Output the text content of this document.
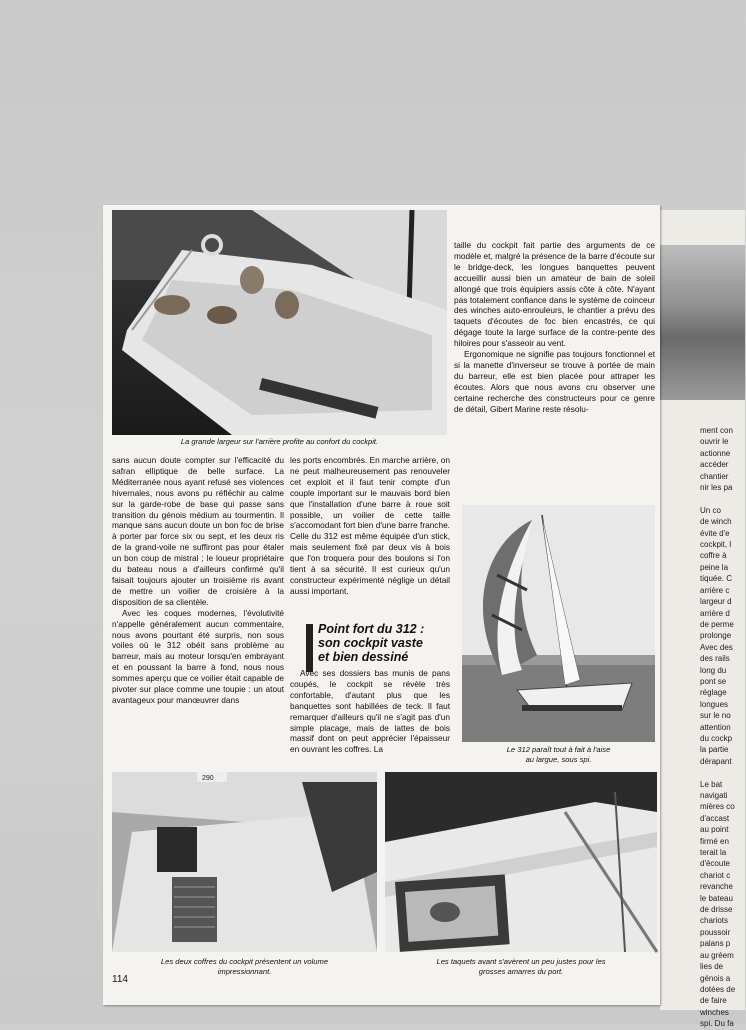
ment con
ouvrir le
actionne
accéder
chantier
nir les pa

Un co
de winch
évite d'e
cockpit, l
coffre à
peine la
tiquée. C
arrière c
largeur d
arrière d
de perme
prolonge
Avec des
des rails
long du
pont se
réglage
longues
sur le no
attention
du cockp
la partie
dérapant

Le bat
navigati
mières co
d'accast
au point
firmé en
terait la
d'écoute
chariot c
revanche
le bateau
de drisse
chariots
poussoir
palans p
au gréem
lies de
génois a
dotées de
de faire
winches
spi. Du fa
La grande largeur sur l'arrière profite au confort du cockpit.
Le 312 paraît tout à fait à l'aise
au largue, sous spi.
290
Les deux coffres du cockpit présentent un volume
impressionnant.
Les taquets avant s'avèrent un peu justes pour les
grosses amarres du port.

taille du cockpit fait partie des arguments de ce modèle et, malgré la présence de la barre d'écoute sur le bridge-deck, les longues banquettes peuvent accueillir aussi bien un amateur de bain de soleil allongé que trois équipiers assis côte à côte. N'ayant pas totalement confiance dans le système de coinceur des winches auto-enrouleurs, le chantier a prévu des taquets d'écoutes de foc bien encastrés, ce qui dégage toute la large surface de la contre-pente des hiloires pour s'asseoir au vent.

Ergonomique ne signifie pas toujours fonctionnel et si la manette d'inverseur se trouve à portée de main du barreur, elle est bien placée pour attraper les écoutes. Alors que nous avons cru observer une certaine recherche des constructeurs pour ce genre de détail, Gibert Marine reste résolu-

sans aucun doute compter sur l'efficacité du safran elliptique de belle surface. La Méditerranée nous ayant refusé ses violences hivernales, nous avons pu réfléchir au calme sur la garde-robe de base qui passe sans transition du génois médium au tourmentin. Il manque sans aucun doute un bon foc de brise à porter par force six ou sept, et les deux ris de la grand-voile ne suffiront pas pour étaler un bon coup de mistral ; le loueur propriétaire du bateau nous a d'ailleurs confirmé qu'il faisait toujours ajouter un troisième ris avant de mettre un voilier de croisière à la disposition de sa clientèle.

Avec les coques modernes, l'évolutivité n'appelle généralement aucun commentaire, nous avons pourtant été surpris, non sous voiles où le 312 obéit sans problème au barreur, mais au moteur lorsqu'en embrayant et en poussant la barre à fond, nous nous sommes aperçu que ce voilier était capable de pivoter sur place comme une toupie : un atout avantageux pour manœuvrer dans

les ports encombrés. En marche arrière, on ne peut malheureusement pas renouveler cet exploit et il faut tenir compte d'un couple important sur le mauvais bord bien que l'installation d'une barre à roue soit possible, un voilier de cette taille s'accomodant fort bien d'une barre franche. Celle du 312 est même équipée d'un stick, mais seulement fixé par deux vis à bois que l'on troquera pour des boulons si l'on tient à sa sécurité. Il est curieux qu'un constructeur expérimenté néglige un détail aussi important.

Point fort du 312 :
son cockpit vaste
et bien dessiné

Avec ses dossiers bas munis de pans coupés, le cockpit se révèle très confortable, d'autant plus que les banquettes sont habillées de teck. Il faut remarquer d'ailleurs qu'il ne s'agit pas d'un simple placage, mais de lattes de bois massif dont on peut apprécier l'épaisseur en ouvrant les coffres. La

114
